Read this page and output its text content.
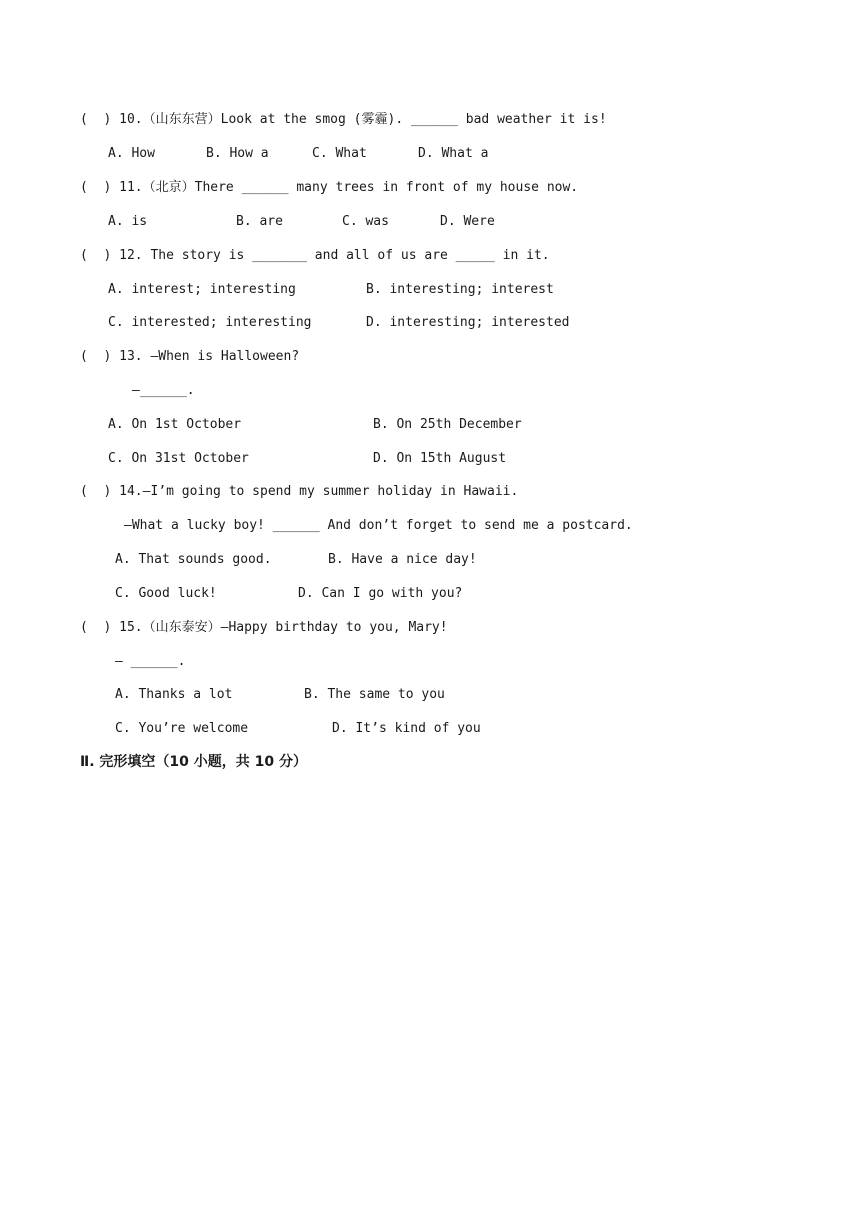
(  ) 10.（山东东营）Look at the smog (雾霾). ______ bad weather it is!
A. How	B. How a	C. What	D. What a
(  ) 11.（北京）There ______ many trees in front of my house now.
A. is	B. are	C. was	D. Were
(  ) 12. The story is _______ and all of us are _____ in it.
A. interest; interesting	B. interesting; interest
C. interested; interesting	D. interesting; interested
(  ) 13. —When is Halloween?
—______.
A. On 1st October	B. On 25th December
C. On 31st October	D. On 15th August
(  ) 14.—I’m going to spend my summer holiday in Hawaii.
—What a lucky boy! ______ And don’t forget to send me a postcard.
A. That sounds good.	B. Have a nice day!
C. Good luck!	D. Can I go with you?
(  ) 15.（山东泰安）—Happy birthday to you, Mary!
— ______.
A. Thanks a lot	B. The same to you
C. You’re welcome	D. It’s kind of you
Ⅱ. 完形填空（10 小题，共 10 分）
